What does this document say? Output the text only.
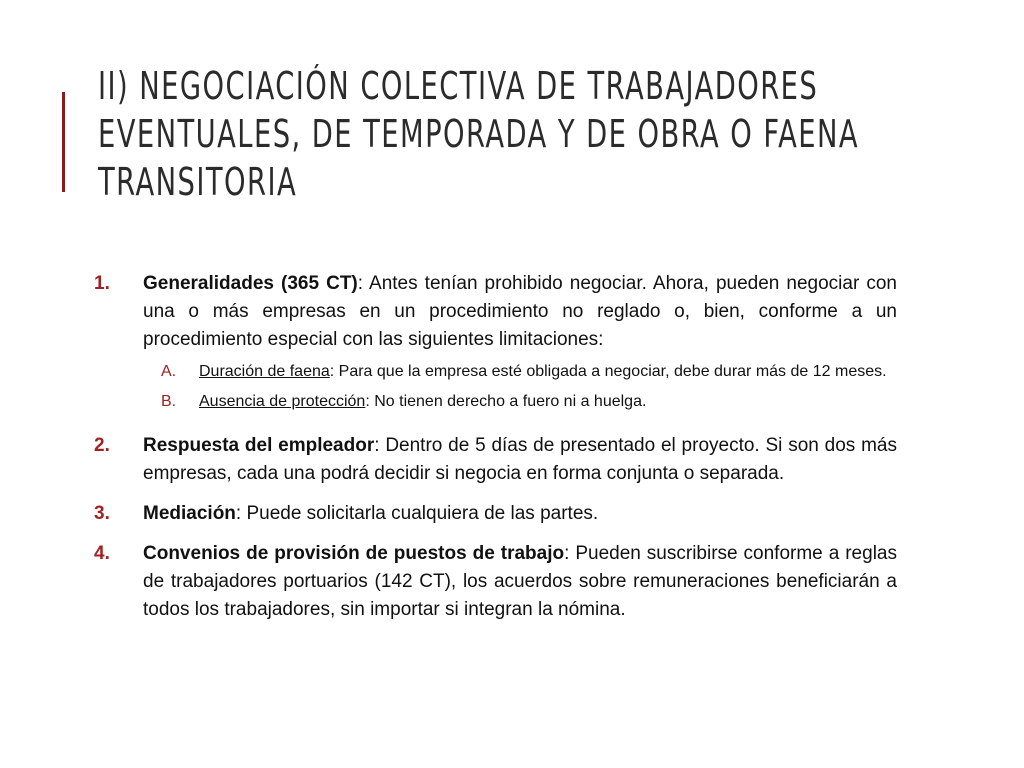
II) NEGOCIACIÓN COLECTIVA DE TRABAJADORES EVENTUALES, DE TEMPORADA Y DE OBRA O FAENA TRANSITORIA
1.	Generalidades (365 CT): Antes tenían prohibido negociar. Ahora, pueden negociar con una o más empresas en un procedimiento no reglado o, bien, conforme a un procedimiento especial con las siguientes limitaciones:

A.	Duración de faena: Para que la empresa esté obligada a negociar, debe durar más de 12 meses.

B.	Ausencia de protección: No tienen derecho a fuero ni a huelga.

2.	Respuesta del empleador: Dentro de 5 días de presentado el proyecto. Si son dos más empresas, cada una podrá decidir si negocia en forma conjunta o separada.

3.	Mediación: Puede solicitarla cualquiera de las partes.

4.	Convenios de provisión de puestos de trabajo: Pueden suscribirse conforme a reglas de trabajadores portuarios (142 CT), los acuerdos sobre remuneraciones beneficiarán a todos los trabajadores, sin importar si integran la nómina.
